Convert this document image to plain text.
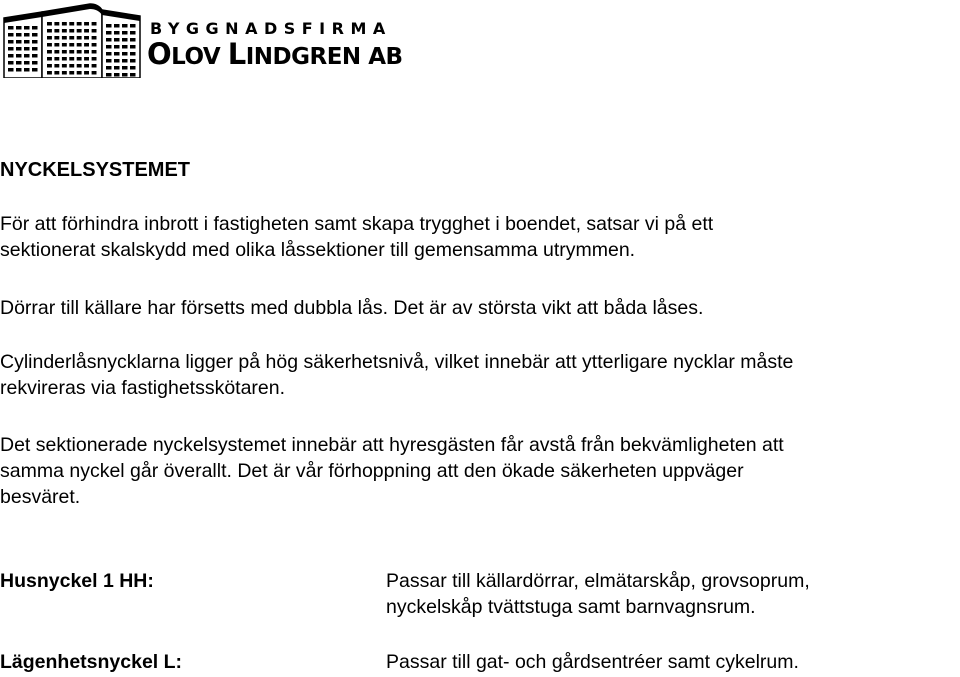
BYGGNADSFIRMA
OLOV LINDGREN AB
NYCKELSYSTEMET

För att förhindra inbrott i fastigheten samt skapa trygghet i boendet, satsar vi på ett
sektionerat skalskydd med olika låssektioner till gemensamma utrymmen.

Dörrar till källare har försetts med dubbla lås. Det är av största vikt att båda låses.

Cylinderlåsnycklarna ligger på hög säkerhetsnivå, vilket innebär att ytterligare nycklar måste
rekvireras via fastighetsskötaren.

Det sektionerade nyckelsystemet innebär att hyresgästen får avstå från bekvämligheten att
samma nyckel går överallt. Det är vår förhoppning att den ökade säkerheten uppväger
besväret.

Husnyckel 1 HH:	Passar till källardörrar, elmätarskåp, grovsoprum,
nyckelskåp tvättstuga samt barnvagnsrum.

Lägenhetsnyckel L:	Passar till gat- och gårdsentréer samt cykelrum.
